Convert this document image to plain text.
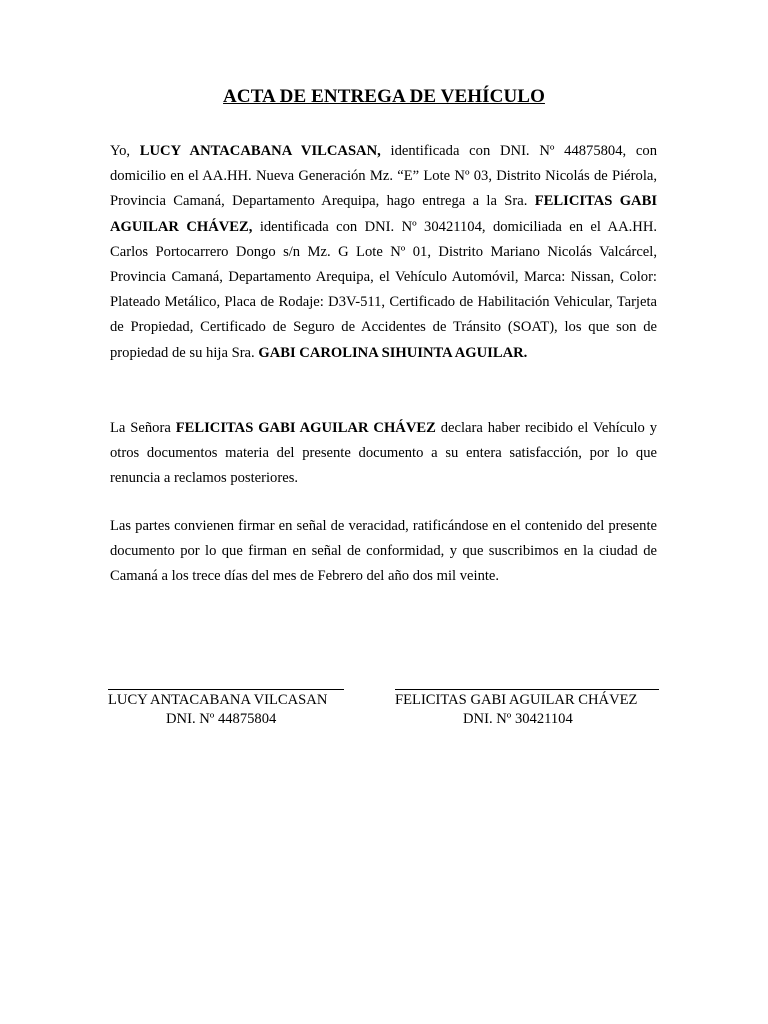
ACTA DE ENTREGA DE VEHÍCULO

Yo, LUCY ANTACABANA VILCASAN, identificada con DNI. Nº 44875804, con domicilio en el AA.HH. Nueva Generación Mz. “E” Lote Nº 03, Distrito Nicolás de Piérola, Provincia Camaná, Departamento Arequipa, hago entrega a la Sra. FELICITAS GABI AGUILAR CHÁVEZ, identificada con DNI. Nº 30421104, domiciliada en el AA.HH. Carlos Portocarrero Dongo s/n Mz. G Lote Nº 01, Distrito Mariano Nicolás Valcárcel, Provincia Camaná, Departamento Arequipa, el Vehículo Automóvil, Marca: Nissan, Color: Plateado Metálico, Placa de Rodaje: D3V-511, Certificado de Habilitación Vehicular, Tarjeta de Propiedad, Certificado de Seguro de Accidentes de Tránsito (SOAT), los que son de propiedad de su hija Sra. GABI CAROLINA SIHUINTA AGUILAR.

La Señora FELICITAS GABI AGUILAR CHÁVEZ declara haber recibido el Vehículo y otros documentos materia del presente documento a su entera satisfacción, por lo que renuncia a reclamos posteriores.

Las partes convienen firmar en señal de veracidad, ratificándose en el contenido del presente documento por lo que firman en señal de conformidad, y que suscribimos en la ciudad de Camaná a los trece días del mes de Febrero del año dos mil veinte.

LUCY ANTACABANA VILCASAN
DNI. Nº 44875804
FELICITAS GABI AGUILAR CHÁVEZ
DNI. Nº 30421104
